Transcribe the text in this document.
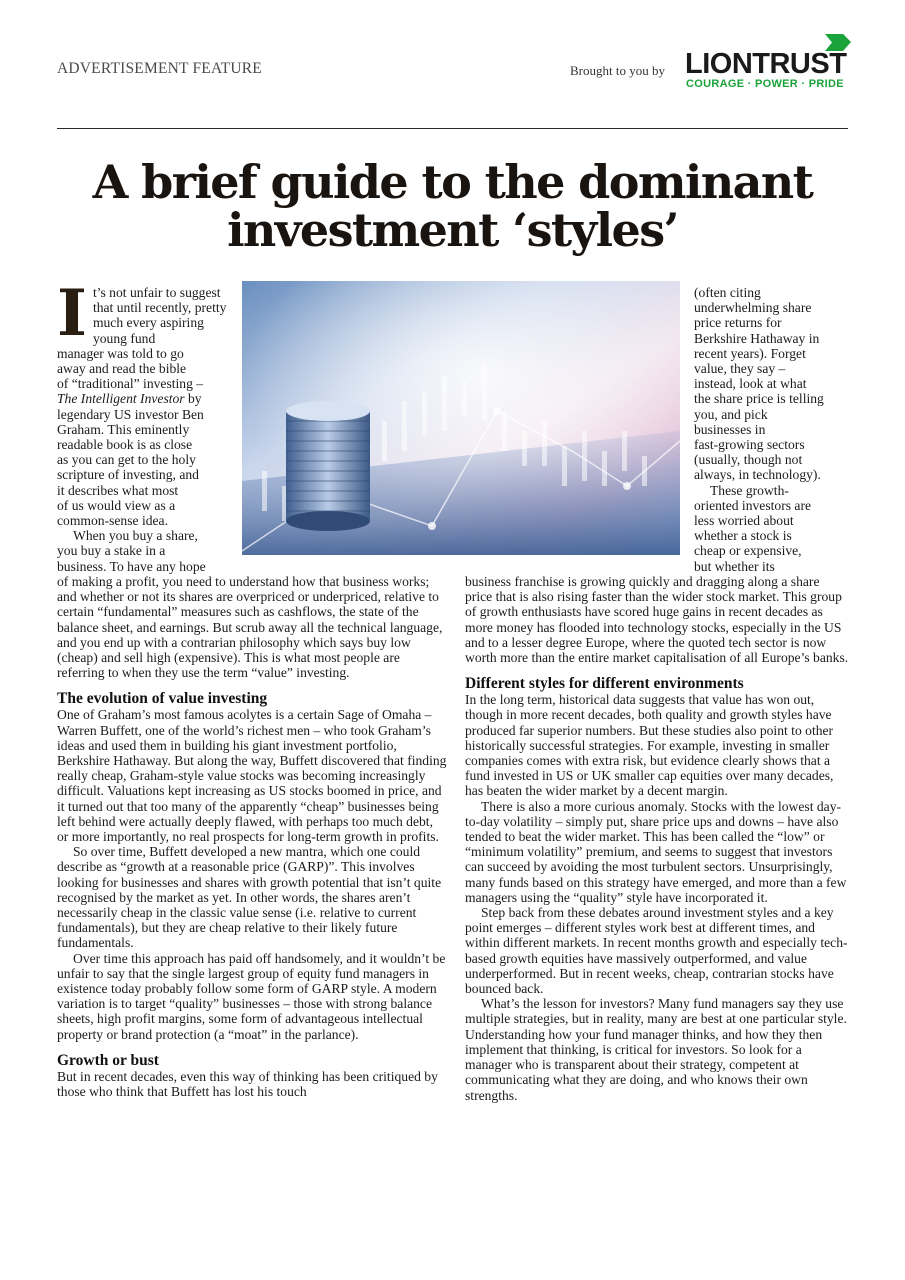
ADVERTISEMENT FEATURE	Brought to you by LIONTRUST
COURAGE · POWER · PRIDE
A brief guide to the dominant
investment ‘styles’
I t’s not unfair to suggest that until recently, pretty much every aspiring young fund
manager was told to go
away and read the bible
of “traditional” investing –
The Intelligent Investor by
legendary US investor Ben
Graham. This eminently
readable book is as close
as you can get to the holy
scripture of investing, and
it describes what most
of us would view as a
common-sense idea.
When you buy a share,
you buy a stake in a
business. To have any hope

of making a profit, you need to understand how that business works; and whether or not its shares are overpriced or underpriced, relative to certain “fundamental” measures such as cashflows, the state of the balance sheet, and earnings. But scrub away all the technical language, and you end up with a contrarian philosophy which says buy low (cheap) and sell high (expensive). This is what most people are referring to when they use the term “value” investing.

The evolution of value investing

One of Graham’s most famous acolytes is a certain Sage of Omaha – Warren Buffett, one of the world’s richest men – who took Graham’s ideas and used them in building his giant investment portfolio, Berkshire Hathaway. But along the way, Buffett discovered that finding really cheap, Graham-style value stocks was becoming increasingly difficult. Valuations kept increasing as US stocks boomed in price, and it turned out that too many of the apparently “cheap” businesses being left behind were actually deeply flawed, with perhaps too much debt, or more importantly, no real prospects for long-term growth in profits.

So over time, Buffett developed a new mantra, which one could describe as “growth at a reasonable price (GARP)”. This involves looking for businesses and shares with growth potential that isn’t quite recognised by the market as yet. In other words, the shares aren’t necessarily cheap in the classic value sense (i.e. relative to current fundamentals), but they are cheap relative to their likely future fundamentals.

Over time this approach has paid off handsomely, and it wouldn’t be unfair to say that the single largest group of equity fund managers in existence today probably follow some form of GARP style. A modern variation is to target “quality” businesses – those with strong balance sheets, high profit margins, some form of advantageous intellectual property or brand protection (a “moat” in the parlance).

Growth or bust

But in recent decades, even this way of thinking has been critiqued by those who think that Buffett has lost his touch

(often citing
underwhelming share
price returns for
Berkshire Hathaway in
recent years). Forget
value, they say –
instead, look at what
the share price is telling
you, and pick
businesses in
fast-growing sectors
(usually, though not
always, in technology).
These growth-
oriented investors are
less worried about
whether a stock is
cheap or expensive,
but whether its

business franchise is growing quickly and dragging along a share price that is also rising faster than the wider stock market. This group of growth enthusiasts have scored huge gains in recent decades as more money has flooded into technology stocks, especially in the US and to a lesser degree Europe, where the quoted tech sector is now worth more than the entire market capitalisation of all Europe’s banks.

Different styles for different environments

In the long term, historical data suggests that value has won out, though in more recent decades, both quality and growth styles have produced far superior numbers. But these studies also point to other historically successful strategies. For example, investing in smaller companies comes with extra risk, but evidence clearly shows that a fund invested in US or UK smaller cap equities over many decades, has beaten the wider market by a decent margin.

There is also a more curious anomaly. Stocks with the lowest day-to-day volatility – simply put, share price ups and downs – have also tended to beat the wider market. This has been called the “low” or “minimum volatility” premium, and seems to suggest that investors can succeed by avoiding the most turbulent sectors. Unsurprisingly, many funds based on this strategy have emerged, and more than a few managers using the “quality” style have incorporated it.

Step back from these debates around investment styles and a key point emerges – different styles work best at different times, and within different markets. In recent months growth and especially tech-based growth equities have massively outperformed, and value underperformed. But in recent weeks, cheap, contrarian stocks have bounced back.

What’s the lesson for investors? Many fund managers say they use multiple strategies, but in reality, many are best at one particular style. Understanding how your fund manager thinks, and how they then implement that thinking, is critical for investors. So look for a manager who is transparent about their strategy, competent at communicating what they are doing, and who knows their own strengths.
